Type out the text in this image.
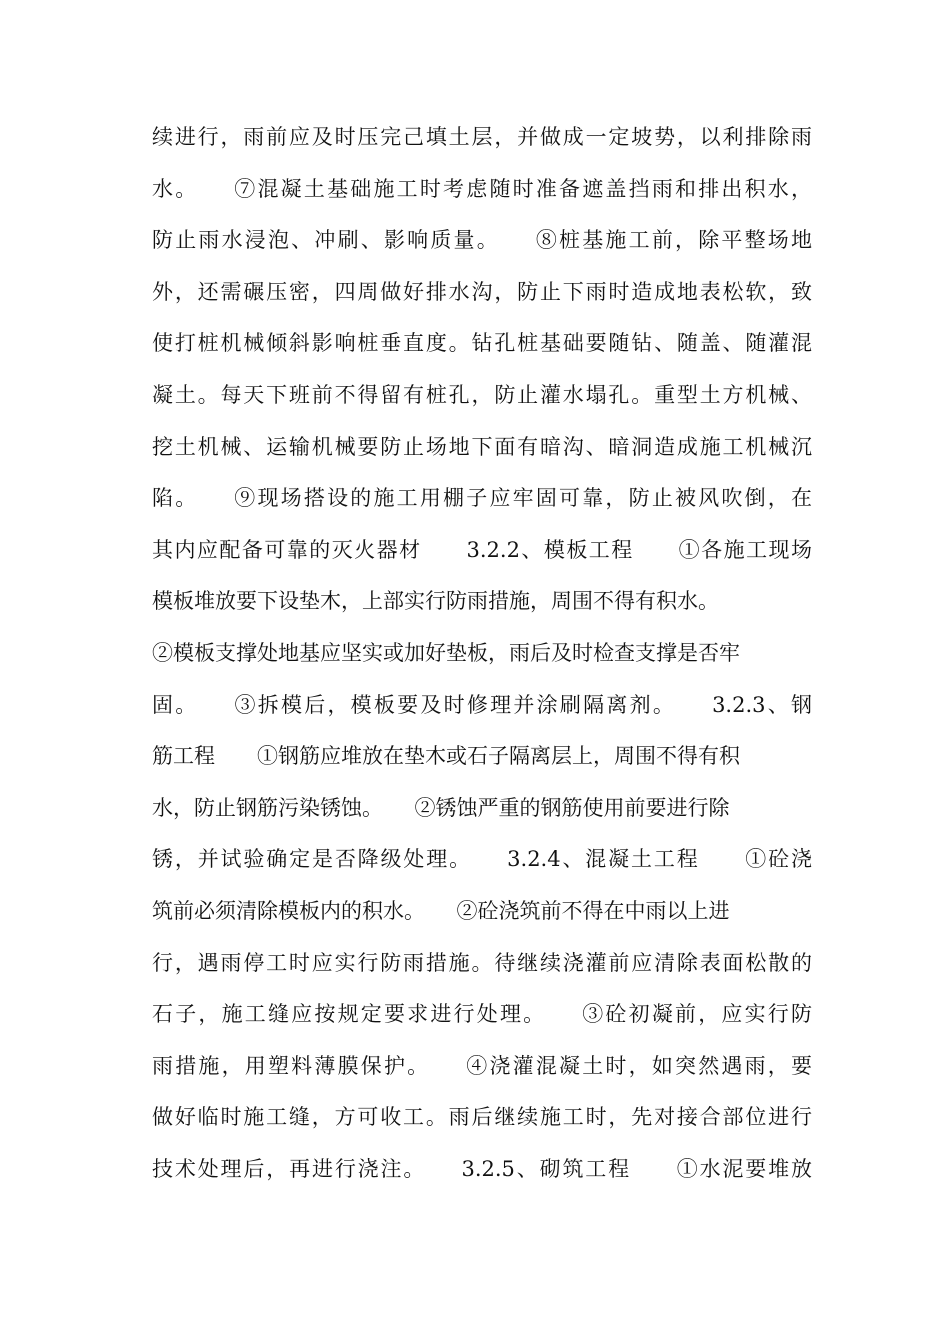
续进行，雨前应及时压完己填土层，并做成一定坡势，以利排除雨
水。　　⑦混凝土基础施工时考虑随时准备遮盖挡雨和排出积水，
防止雨水浸泡、冲刷、影响质量。　　⑧桩基施工前，除平整场地
外，还需碾压密，四周做好排水沟，防止下雨时造成地表松软，致
使打桩机械倾斜影响桩垂直度。钻孔桩基础要随钻、随盖、随灌混
凝土。每天下班前不得留有桩孔，防止灌水塌孔。重型土方机械、
挖土机械、运输机械要防止场地下面有暗沟、暗洞造成施工机械沉
陷。　　⑨现场搭设的施工用棚子应牢固可靠，防止被风吹倒，在
其内应配备可靠的灭火器材　　3.2.2、模板工程　　①各施工现场
模板堆放要下设垫木，上部实行防雨措施，周围不得有积水。
②模板支撑处地基应坚实或加好垫板，雨后及时检查支撑是否牢
固。　　③拆模后，模板要及时修理并涂刷隔离剂。　　3.2.3、钢
筋工程　　①钢筋应堆放在垫木或石子隔离层上，周围不得有积
水，防止钢筋污染锈蚀。　　②锈蚀严重的钢筋使用前要进行除
锈，并试验确定是否降级处理。　　3.2.4、混凝土工程　　①砼浇
筑前必须清除模板内的积水。　　②砼浇筑前不得在中雨以上进
行，遇雨停工时应实行防雨措施。待继续浇灌前应清除表面松散的
石子，施工缝应按规定要求进行处理。　　③砼初凝前，应实行防
雨措施，用塑料薄膜保护。　　④浇灌混凝土时，如突然遇雨，要
做好临时施工缝，方可收工。雨后继续施工时，先对接合部位进行
技术处理后，再进行浇注。　　3.2.5、砌筑工程　　①水泥要堆放
